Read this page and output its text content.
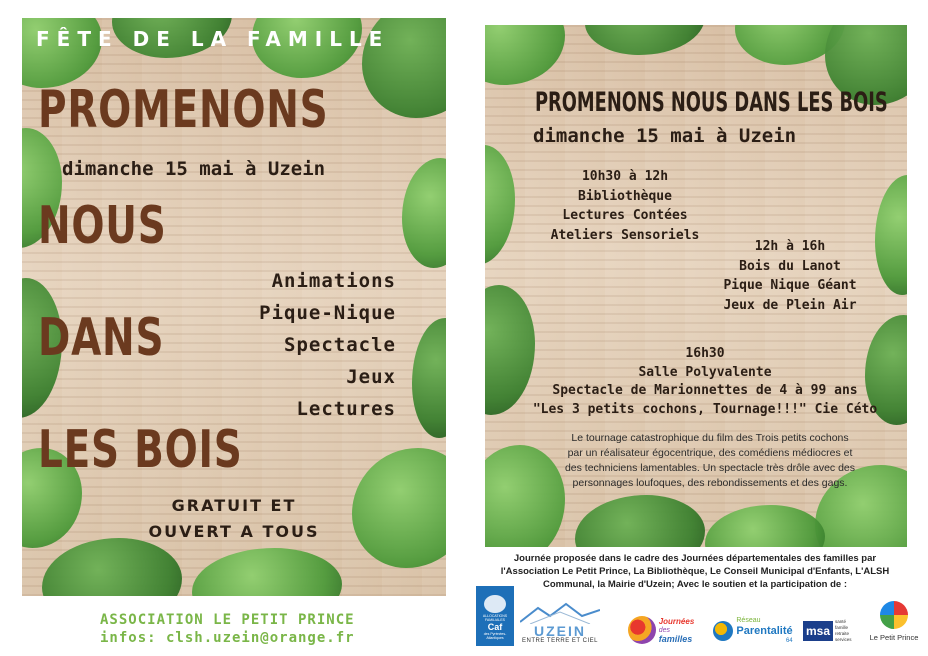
FÊTE DE LA FAMILLE
PROMENONS
dimanche 15 mai à Uzein
NOUS
DANS
LES BOIS
Animations
Pique-Nique
Spectacle
Jeux
Lectures
GRATUIT ET
OUVERT A TOUS
ASSOCIATION LE PETIT PRINCE
infos: clsh.uzein@orange.fr
PROMENONS NOUS DANS LES BOIS
dimanche 15 mai à Uzein
10h30 à 12h
Bibliothèque
Lectures Contées
Ateliers Sensoriels
12h à 16h
Bois du Lanot
Pique Nique Géant
Jeux de Plein Air
16h30
Salle Polyvalente
Spectacle de Marionnettes de 4 à 99 ans
"Les 3 petits cochons, Tournage!!!" Cie Céto
Le tournage catastrophique du film des Trois petits cochons
par un réalisateur égocentrique, des comédiens médiocres et
des techniciens lamentables. Un spectacle très drôle avec des
personnages loufoques, des rebondissements et des gags.
Journée proposée dans le cadre des Journées départementales des familles par
l'Association Le Petit Prince, La Bibliothèque, Le Conseil Municipal d'Enfants, L'ALSH
Communal, la Mairie d'Uzein; Avec le soutien et la participation de :
ALLOCATIONS FAMILIALES
Caf
des Pyrénées-Atlantiques	UZEIN
ENTRE TERRE ET CIEL
Journées
des
familles
Réseau
Parentalité
64
msa
santé famille retraite services	Le Petit Prince
